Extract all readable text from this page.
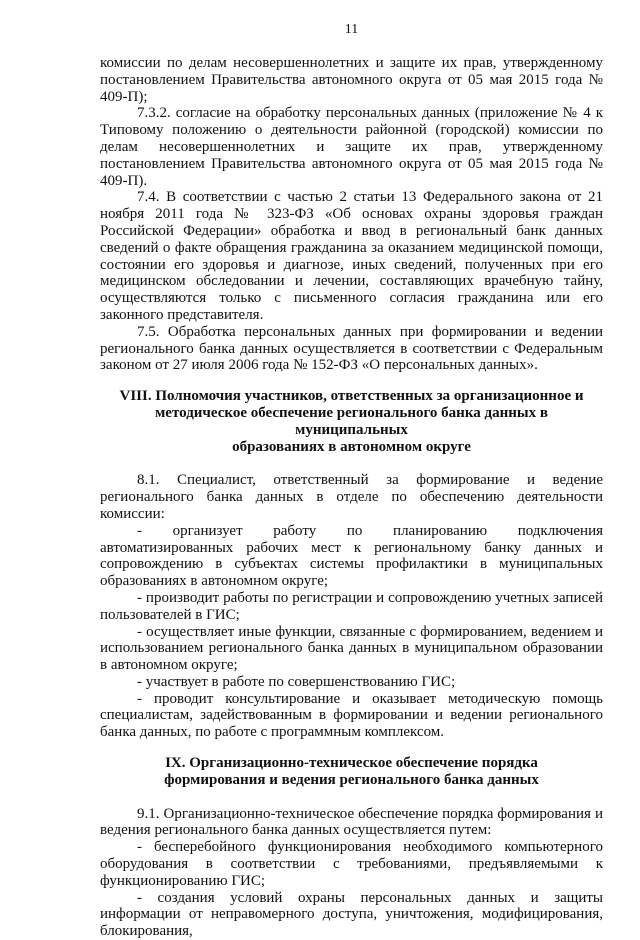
11

комиссии по делам несовершеннолетних и защите их прав, утвержденному постановлением Правительства автономного округа от 05 мая 2015 года № 409-П);

7.3.2. согласие на обработку персональных данных (приложение № 4 к Типовому положению о деятельности районной (городской) комиссии по делам несовершеннолетних и защите их прав, утвержденному постановлением Правительства автономного округа от 05 мая 2015 года № 409-П).

7.4. В соответствии с частью 2 статьи 13 Федерального закона от 21 ноября 2011 года № 323-ФЗ «Об основах охраны здоровья граждан Российской Федерации» обработка и ввод в региональный банк данных сведений о факте обращения гражданина за оказанием медицинской помощи, состоянии его здоровья и диагнозе, иных сведений, полученных при его медицинском обследовании и лечении, составляющих врачебную тайну, осуществляются только с письменного согласия гражданина или его законного представителя.

7.5. Обработка персональных данных при формировании и ведении регионального банка данных осуществляется в соответствии с Федеральным законом от 27 июля 2006 года № 152-ФЗ «О персональных данных».

VIII. Полномочия участников, ответственных за организационное и
методическое обеспечение регионального банка данных в муниципальных
образованиях в автономном округе

8.1. Специалист, ответственный за формирование и ведение регионального банка данных в отделе по обеспечению деятельности комиссии:

- организует работу по планированию подключения автоматизированных рабочих мест к региональному банку данных и сопровождению в субъектах системы профилактики в муниципальных образованиях в автономном округе;

- производит работы по регистрации и сопровождению учетных записей пользователей в ГИС;

- осуществляет иные функции, связанные с формированием, ведением и использованием регионального банка данных в муниципальном образовании в автономном округе;

- участвует в работе по совершенствованию ГИС;

- проводит консультирование и оказывает методическую помощь специалистам, задействованным в формировании и ведении регионального банка данных, по работе с программным комплексом.

IX. Организационно-техническое обеспечение порядка
формирования и ведения регионального банка данных

9.1. Организационно-техническое обеспечение порядка формирования и ведения регионального банка данных осуществляется путем:

- бесперебойного функционирования необходимого компьютерного оборудования в соответствии с требованиями, предъявляемыми к функционированию ГИС;

- создания условий охраны персональных данных и защиты информации от неправомерного доступа, уничтожения, модифицирования, блокирования,
